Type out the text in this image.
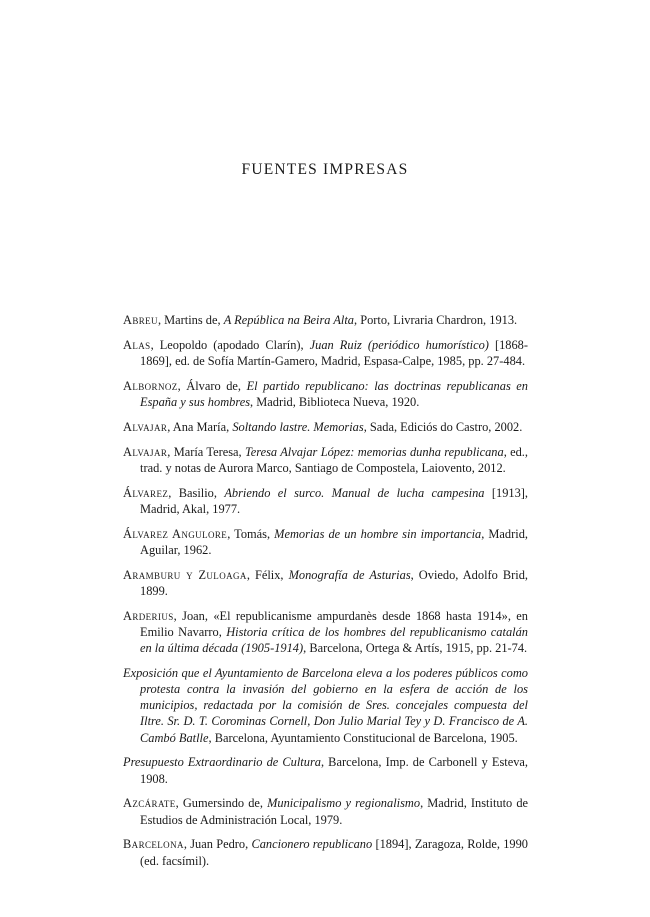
FUENTES IMPRESAS

Abreu, Martins de, A República na Beira Alta, Porto, Livraria Chardron, 1913.

Alas, Leopoldo (apodado Clarín), Juan Ruiz (periódico humorístico) [1868-1869], ed. de Sofía Martín-Gamero, Madrid, Espasa-Calpe, 1985, pp. 27-484.

Albornoz, Álvaro de, El partido republicano: las doctrinas republicanas en España y sus hombres, Madrid, Biblioteca Nueva, 1920.

Alvajar, Ana María, Soltando lastre. Memorias, Sada, Ediciós do Castro, 2002.

Alvajar, María Teresa, Teresa Alvajar López: memorias dunha republicana, ed., trad. y notas de Aurora Marco, Santiago de Compostela, Laiovento, 2012.

Álvarez, Basilio, Abriendo el surco. Manual de lucha campesina [1913], Madrid, Akal, 1977.

Álvarez Angulore, Tomás, Memorias de un hombre sin importancia, Madrid, Aguilar, 1962.

Aramburu y Zuloaga, Félix, Monografía de Asturias, Oviedo, Adolfo Brid, 1899.

Arderius, Joan, «El republicanisme ampurdanès desde 1868 hasta 1914», en Emilio Navarro, Historia crítica de los hombres del republicanismo catalán en la última década (1905-1914), Barcelona, Ortega & Artís, 1915, pp. 21-74.

Exposición que el Ayuntamiento de Barcelona eleva a los poderes públicos como protesta contra la invasión del gobierno en la esfera de acción de los municipios, redactada por la comisión de Sres. concejales compuesta del Iltre. Sr. D. T. Corominas Cornell, Don Julio Marial Tey y D. Francisco de A. Cambó Batlle, Barcelona, Ayuntamiento Constitucional de Barcelona, 1905.

Presupuesto Extraordinario de Cultura, Barcelona, Imp. de Carbonell y Esteva, 1908.

Azcárate, Gumersindo de, Municipalismo y regionalismo, Madrid, Instituto de Estudios de Administración Local, 1979.

Barcelona, Juan Pedro, Cancionero republicano [1894], Zaragoza, Rolde, 1990 (ed. facsímil).
